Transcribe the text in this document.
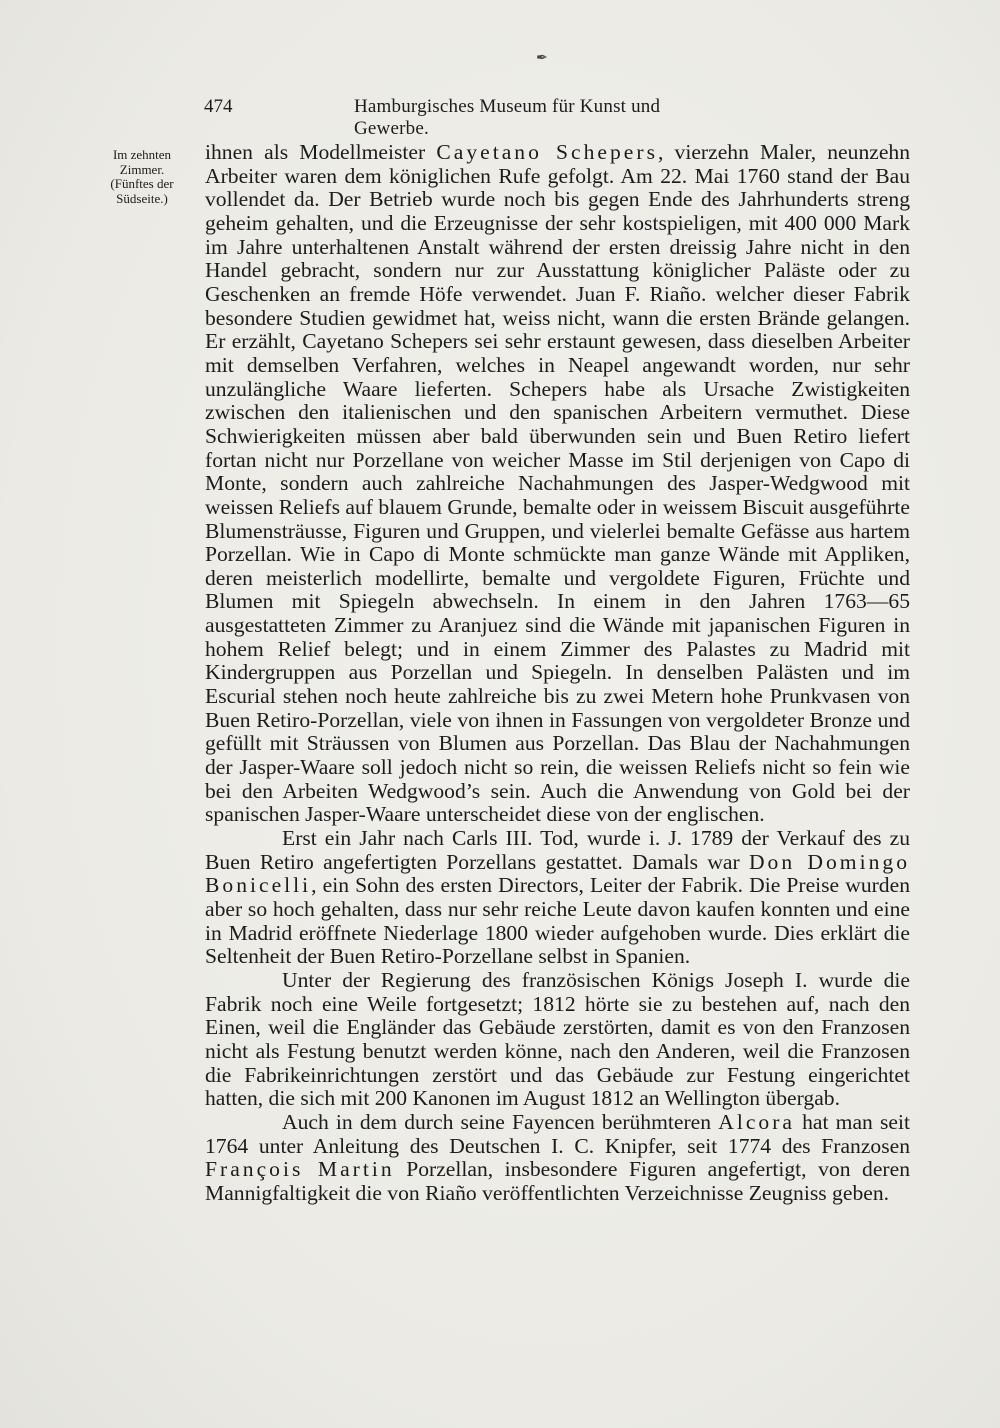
✒
474	Hamburgisches Museum für Kunst und Gewerbe.
Im zehnten
Zimmer.
(Fünftes der
Südseite.)

ihnen als Modellmeister Cayetano Schepers, vierzehn Maler, neunzehn Arbeiter waren dem königlichen Rufe gefolgt. Am 22. Mai 1760 stand der Bau vollendet da. Der Betrieb wurde noch bis gegen Ende des Jahrhunderts streng geheim gehalten, und die Erzeugnisse der sehr kostspieligen, mit 400 000 Mark im Jahre unterhaltenen Anstalt während der ersten dreissig Jahre nicht in den Handel gebracht, sondern nur zur Ausstattung königlicher Paläste oder zu Geschenken an fremde Höfe verwendet. Juan F. Riaño. welcher dieser Fabrik besondere Studien gewidmet hat, weiss nicht, wann die ersten Brände gelangen. Er erzählt, Cayetano Schepers sei sehr erstaunt gewesen, dass dieselben Arbeiter mit demselben Verfahren, welches in Neapel angewandt worden, nur sehr unzulängliche Waare lieferten. Schepers habe als Ursache Zwistigkeiten zwischen den italienischen und den spanischen Arbeitern vermuthet. Diese Schwierigkeiten müssen aber bald überwunden sein und Buen Retiro liefert fortan nicht nur Porzellane von weicher Masse im Stil derjenigen von Capo di Monte, sondern auch zahlreiche Nachahmungen des Jasper-Wedgwood mit weissen Reliefs auf blauem Grunde, bemalte oder in weissem Biscuit ausgeführte Blumensträusse, Figuren und Gruppen, und vielerlei bemalte Gefässe aus hartem Porzellan. Wie in Capo di Monte schmückte man ganze Wände mit Appliken, deren meisterlich modellirte, bemalte und vergoldete Figuren, Früchte und Blumen mit Spiegeln abwechseln. In einem in den Jahren 1763—65 ausgestatteten Zimmer zu Aranjuez sind die Wände mit japanischen Figuren in hohem Relief belegt; und in einem Zimmer des Palastes zu Madrid mit Kindergruppen aus Porzellan und Spiegeln. In denselben Palästen und im Escurial stehen noch heute zahlreiche bis zu zwei Metern hohe Prunkvasen von Buen Retiro-Porzellan, viele von ihnen in Fassungen von vergoldeter Bronze und gefüllt mit Sträussen von Blumen aus Porzellan. Das Blau der Nachahmungen der Jasper-Waare soll jedoch nicht so rein, die weissen Reliefs nicht so fein wie bei den Arbeiten Wedgwood’s sein. Auch die Anwendung von Gold bei der spanischen Jasper-Waare unterscheidet diese von der englischen.

Erst ein Jahr nach Carls III. Tod, wurde i. J. 1789 der Verkauf des zu Buen Retiro angefertigten Porzellans gestattet. Damals war Don Domingo Bonicelli, ein Sohn des ersten Directors, Leiter der Fabrik. Die Preise wurden aber so hoch gehalten, dass nur sehr reiche Leute davon kaufen konnten und eine in Madrid eröffnete Niederlage 1800 wieder aufgehoben wurde. Dies erklärt die Seltenheit der Buen Retiro-Porzellane selbst in Spanien.

Unter der Regierung des französischen Königs Joseph I. wurde die Fabrik noch eine Weile fortgesetzt; 1812 hörte sie zu bestehen auf, nach den Einen, weil die Engländer das Gebäude zerstörten, damit es von den Franzosen nicht als Festung benutzt werden könne, nach den Anderen, weil die Franzosen die Fabrikeinrichtungen zerstört und das Gebäude zur Festung eingerichtet hatten, die sich mit 200 Kanonen im August 1812 an Wellington übergab.

Auch in dem durch seine Fayencen berühmteren Alcora hat man seit 1764 unter Anleitung des Deutschen I. C. Knipfer, seit 1774 des Franzosen François Martin Porzellan, insbesondere Figuren angefertigt, von deren Mannigfaltigkeit die von Riaño veröffentlichten Verzeichnisse Zeugniss geben.
